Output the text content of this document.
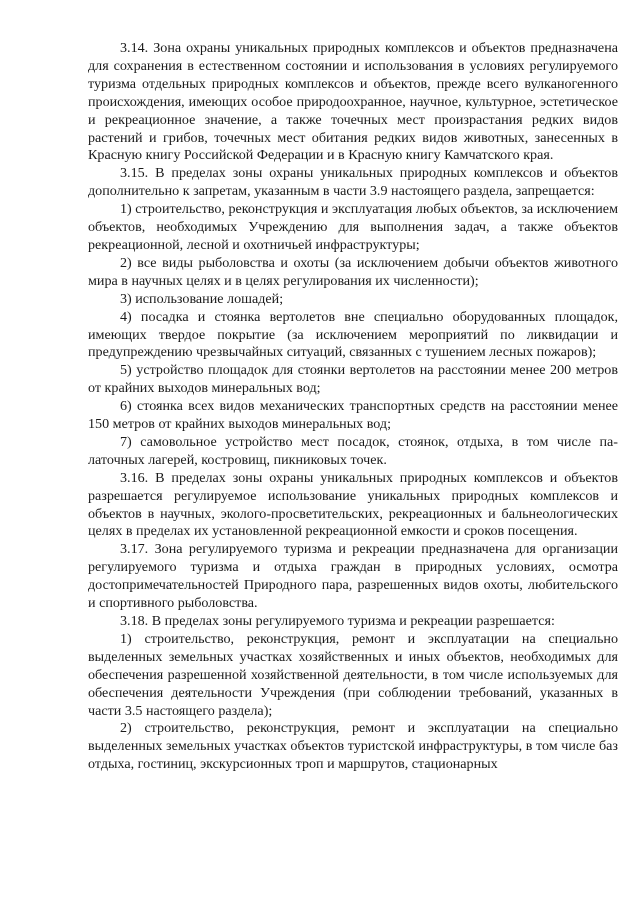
3.14. Зона охраны уникальных природных комплексов и объектов предназначена для сохранения в естественном состоянии и использования в условиях регулируемого туризма отдельных природных комплексов и объектов, прежде всего вулканогенного происхождения, имеющих особое природоохранное, научное, культурное, эстетическое и рекреационное значение, а также точечных мест произрастания редких видов растений и грибов, точечных мест обитания редких видов животных, занесенных в Красную книгу Российской Федерации и в Красную книгу Камчатского края.

3.15. В пределах зоны охраны уникальных природных комплексов и объектов дополнительно к запретам, указанным в части 3.9 настоящего раздела, запрещается:

1) строительство, реконструкция и эксплуатация любых объектов, за исключением объектов, необходимых Учреждению для выполнения задач, а также объектов рекреационной, лесной и охотничьей инфраструктуры;

2) все виды рыболовства и охоты (за исключением добычи объектов животного мира в научных целях и в целях регулирования их численности);

3) использование лошадей;

4) посадка и стоянка вертолетов вне специально оборудованных площадок, имеющих твердое покрытие (за исключением мероприятий по ликвидации и предупреждению чрезвычайных ситуаций, связанных с тушением лесных пожаров);

5) устройство площадок для стоянки вертолетов на расстоянии менее 200 метров от крайних выходов минеральных вод;

6) стоянка всех видов механических транспортных средств на расстоянии менее 150 метров от крайних выходов минеральных вод;

7) самовольное устройство мест посадок, стоянок, отдыха, в том числе палаточных лагерей, кострoвищ, пикниковых точек.

3.16. В пределах зоны охраны уникальных природных комплексов и объектов разрешается регулируемое использование уникальных природных комплексов и объектов в научных, эколого-просветительских, рекреационных и бальнеологических целях в пределах их установленной рекреационной емкости и сроков посещения.

3.17. Зона регулируемого туризма и рекреации предназначена для организации регулируемого туризма и отдыха граждан в природных условиях, осмотра достопримечательностей Природного пара, разрешенных видов охоты, любительского и спортивного рыболовства.

3.18. В пределах зоны регулируемого туризма и рекреации разрешается:

1) строительство, реконструкция, ремонт и эксплуатации на специально выделенных земельных участках хозяйственных и иных объектов, необходимых для обеспечения разрешенной хозяйственной деятельности, в том числе используемых для обеспечения деятельности Учреждения (при соблюдении требований, указанных в части 3.5 настоящего раздела);

2) строительство, реконструкция, ремонт и эксплуатации на специально выделенных земельных участках объектов туристской инфраструктуры, в том числе баз отдыха, гостиниц, экскурсионных троп и маршрутов, стационарных
